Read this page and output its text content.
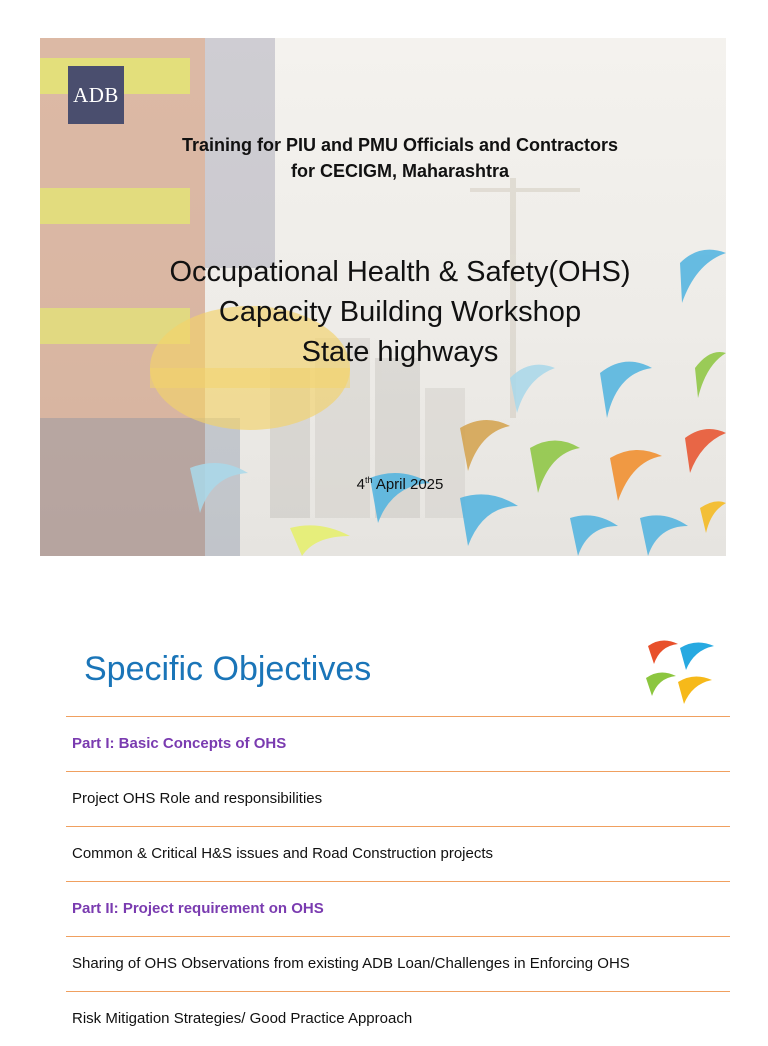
ADB
Training for PIU and PMU Officials and Contractors
for CECIGM, Maharashtra
Occupational Health & Safety(OHS)
Capacity Building Workshop
State highways
4th April 2025
Specific Objectives
Part I: Basic Concepts of OHS
Project OHS Role and responsibilities
Common & Critical H&S issues and Road Construction projects
Part II: Project requirement on OHS
Sharing of OHS Observations from existing ADB Loan/Challenges in Enforcing OHS
Risk Mitigation Strategies/ Good Practice Approach
